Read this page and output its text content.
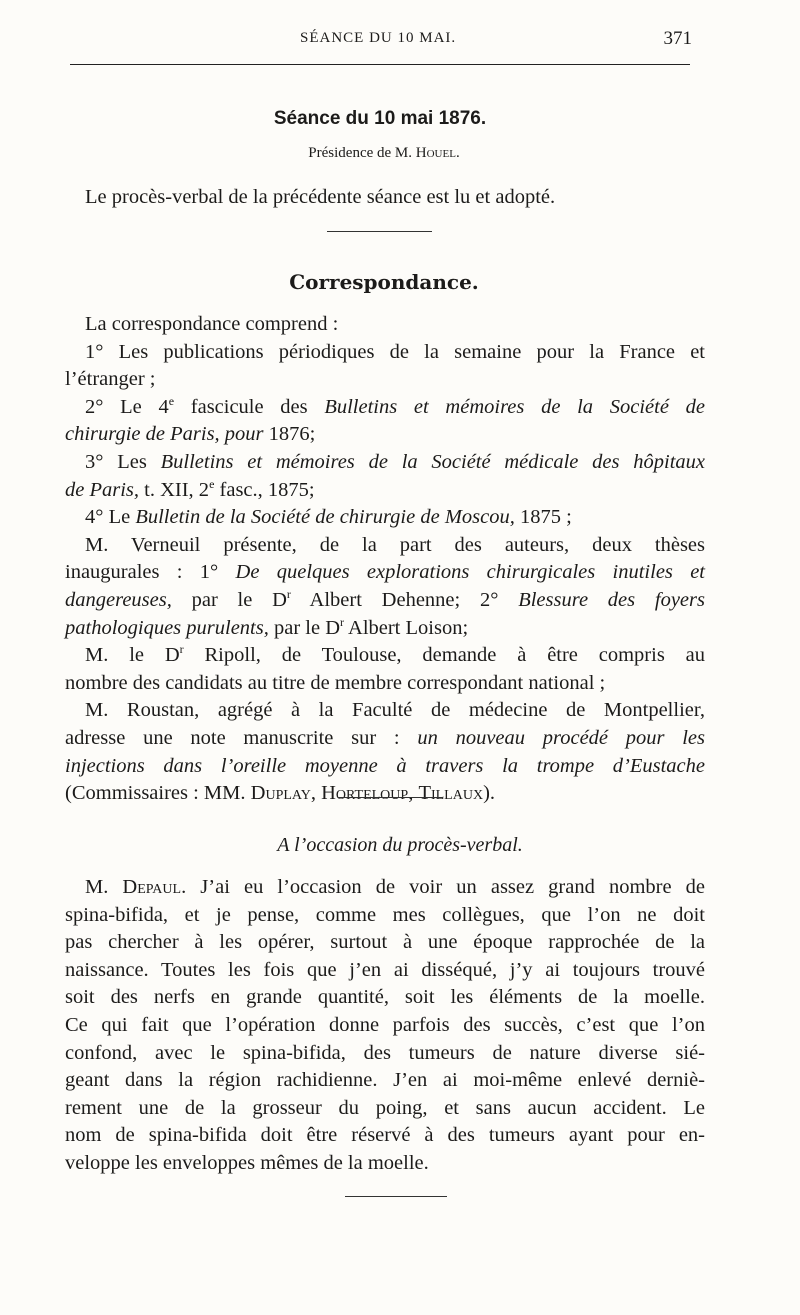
SÉANCE DU 10 MAI.	371
Séance du 10 mai 1876.
Présidence de M. Houel.
Le procès-verbal de la précédente séance est lu et adopté.
Correspondance.
La correspondance comprend :
1° Les publications périodiques de la semaine pour la France et
l’étranger ;
2° Le 4e fascicule des Bulletins et mémoires de la Société de
chirurgie de Paris, pour 1876;
3° Les Bulletins et mémoires de la Société médicale des hôpitaux
de Paris, t. XII, 2e fasc., 1875;
4° Le Bulletin de la Société de chirurgie de Moscou, 1875 ;
M. Verneuil présente, de la part des auteurs, deux thèses
inaugurales : 1° De quelques explorations chirurgicales inutiles et
dangereuses, par le $D^r$ Albert Dehenne; 2° Blessure des foyers
pathologiques purulents, par le $D^r$ Albert Loison;
M. le $D^r$ Ripoll, de Toulouse, demande à être compris au
nombre des candidats au titre de membre correspondant national ;
M. Roustan, agrégé à la Faculté de médecine de Montpellier,
adresse une note manuscrite sur : un nouveau procédé pour les
injections dans l’oreille moyenne à travers la trompe d’Eustache
(Commissaires : MM. Duplay, Horteloup, Tillaux).
A l’occasion du procès-verbal.
M. Depaul. J’ai eu l’occasion de voir un assez grand nombre de
spina-bifida, et je pense, comme mes collègues, que l’on ne doit
pas chercher à les opérer, surtout à une époque rapprochée de la
naissance. Toutes les fois que j’en ai disséqué, j’y ai toujours trouvé
soit des nerfs en grande quantité, soit les éléments de la moelle.
Ce qui fait que l’opération donne parfois des succès, c’est que l’on
confond, avec le spina-bifida, des tumeurs de nature diverse sié-
geant dans la région rachidienne. J’en ai moi-même enlevé derniè-
rement une de la grosseur du poing, et sans aucun accident. Le
nom de spina-bifida doit être réservé à des tumeurs ayant pour en-
veloppe les enveloppes mêmes de la moelle.
